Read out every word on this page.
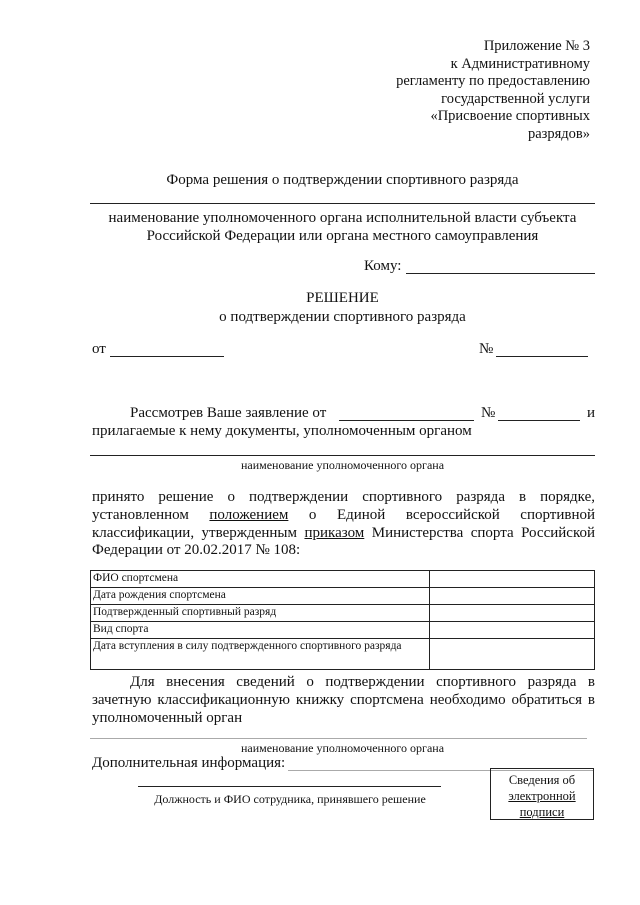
Приложение № 3
к Административному
регламенту по предоставлению
государственной услуги
«Присвоение спортивных
разрядов»
Форма решения о подтверждении спортивного разряда
наименование уполномоченного органа исполнительной власти субъекта
Российской Федерации или органа местного самоуправления
Кому:
РЕШЕНИЕ
о подтверждении спортивного разряда
от	№
Рассмотрев Ваше заявление от	№	и
прилагаемые к нему документы, уполномоченным органом
наименование уполномоченного органа
принято решение о подтверждении спортивного разряда в порядке,
установленном положением о Единой всероссийской спортивной
классификации, утвержденным приказом Министерства спорта Российской
Федерации от 20.02.2017 № 108:
ФИО спортсмена	
Дата рождения спортсмена	
Подтвержденный спортивный разряд	
Вид спорта	
Дата вступления в силу подтвержденного спортивного разряда	
Для внесения сведений о подтверждении спортивного разряда в
зачетную классификационную книжку спортсмена необходимо обратиться в
уполномоченный орган
наименование уполномоченного органа
Дополнительная информация:
Должность и ФИО сотрудника, принявшего решение
Сведения об
электронной
подписи
